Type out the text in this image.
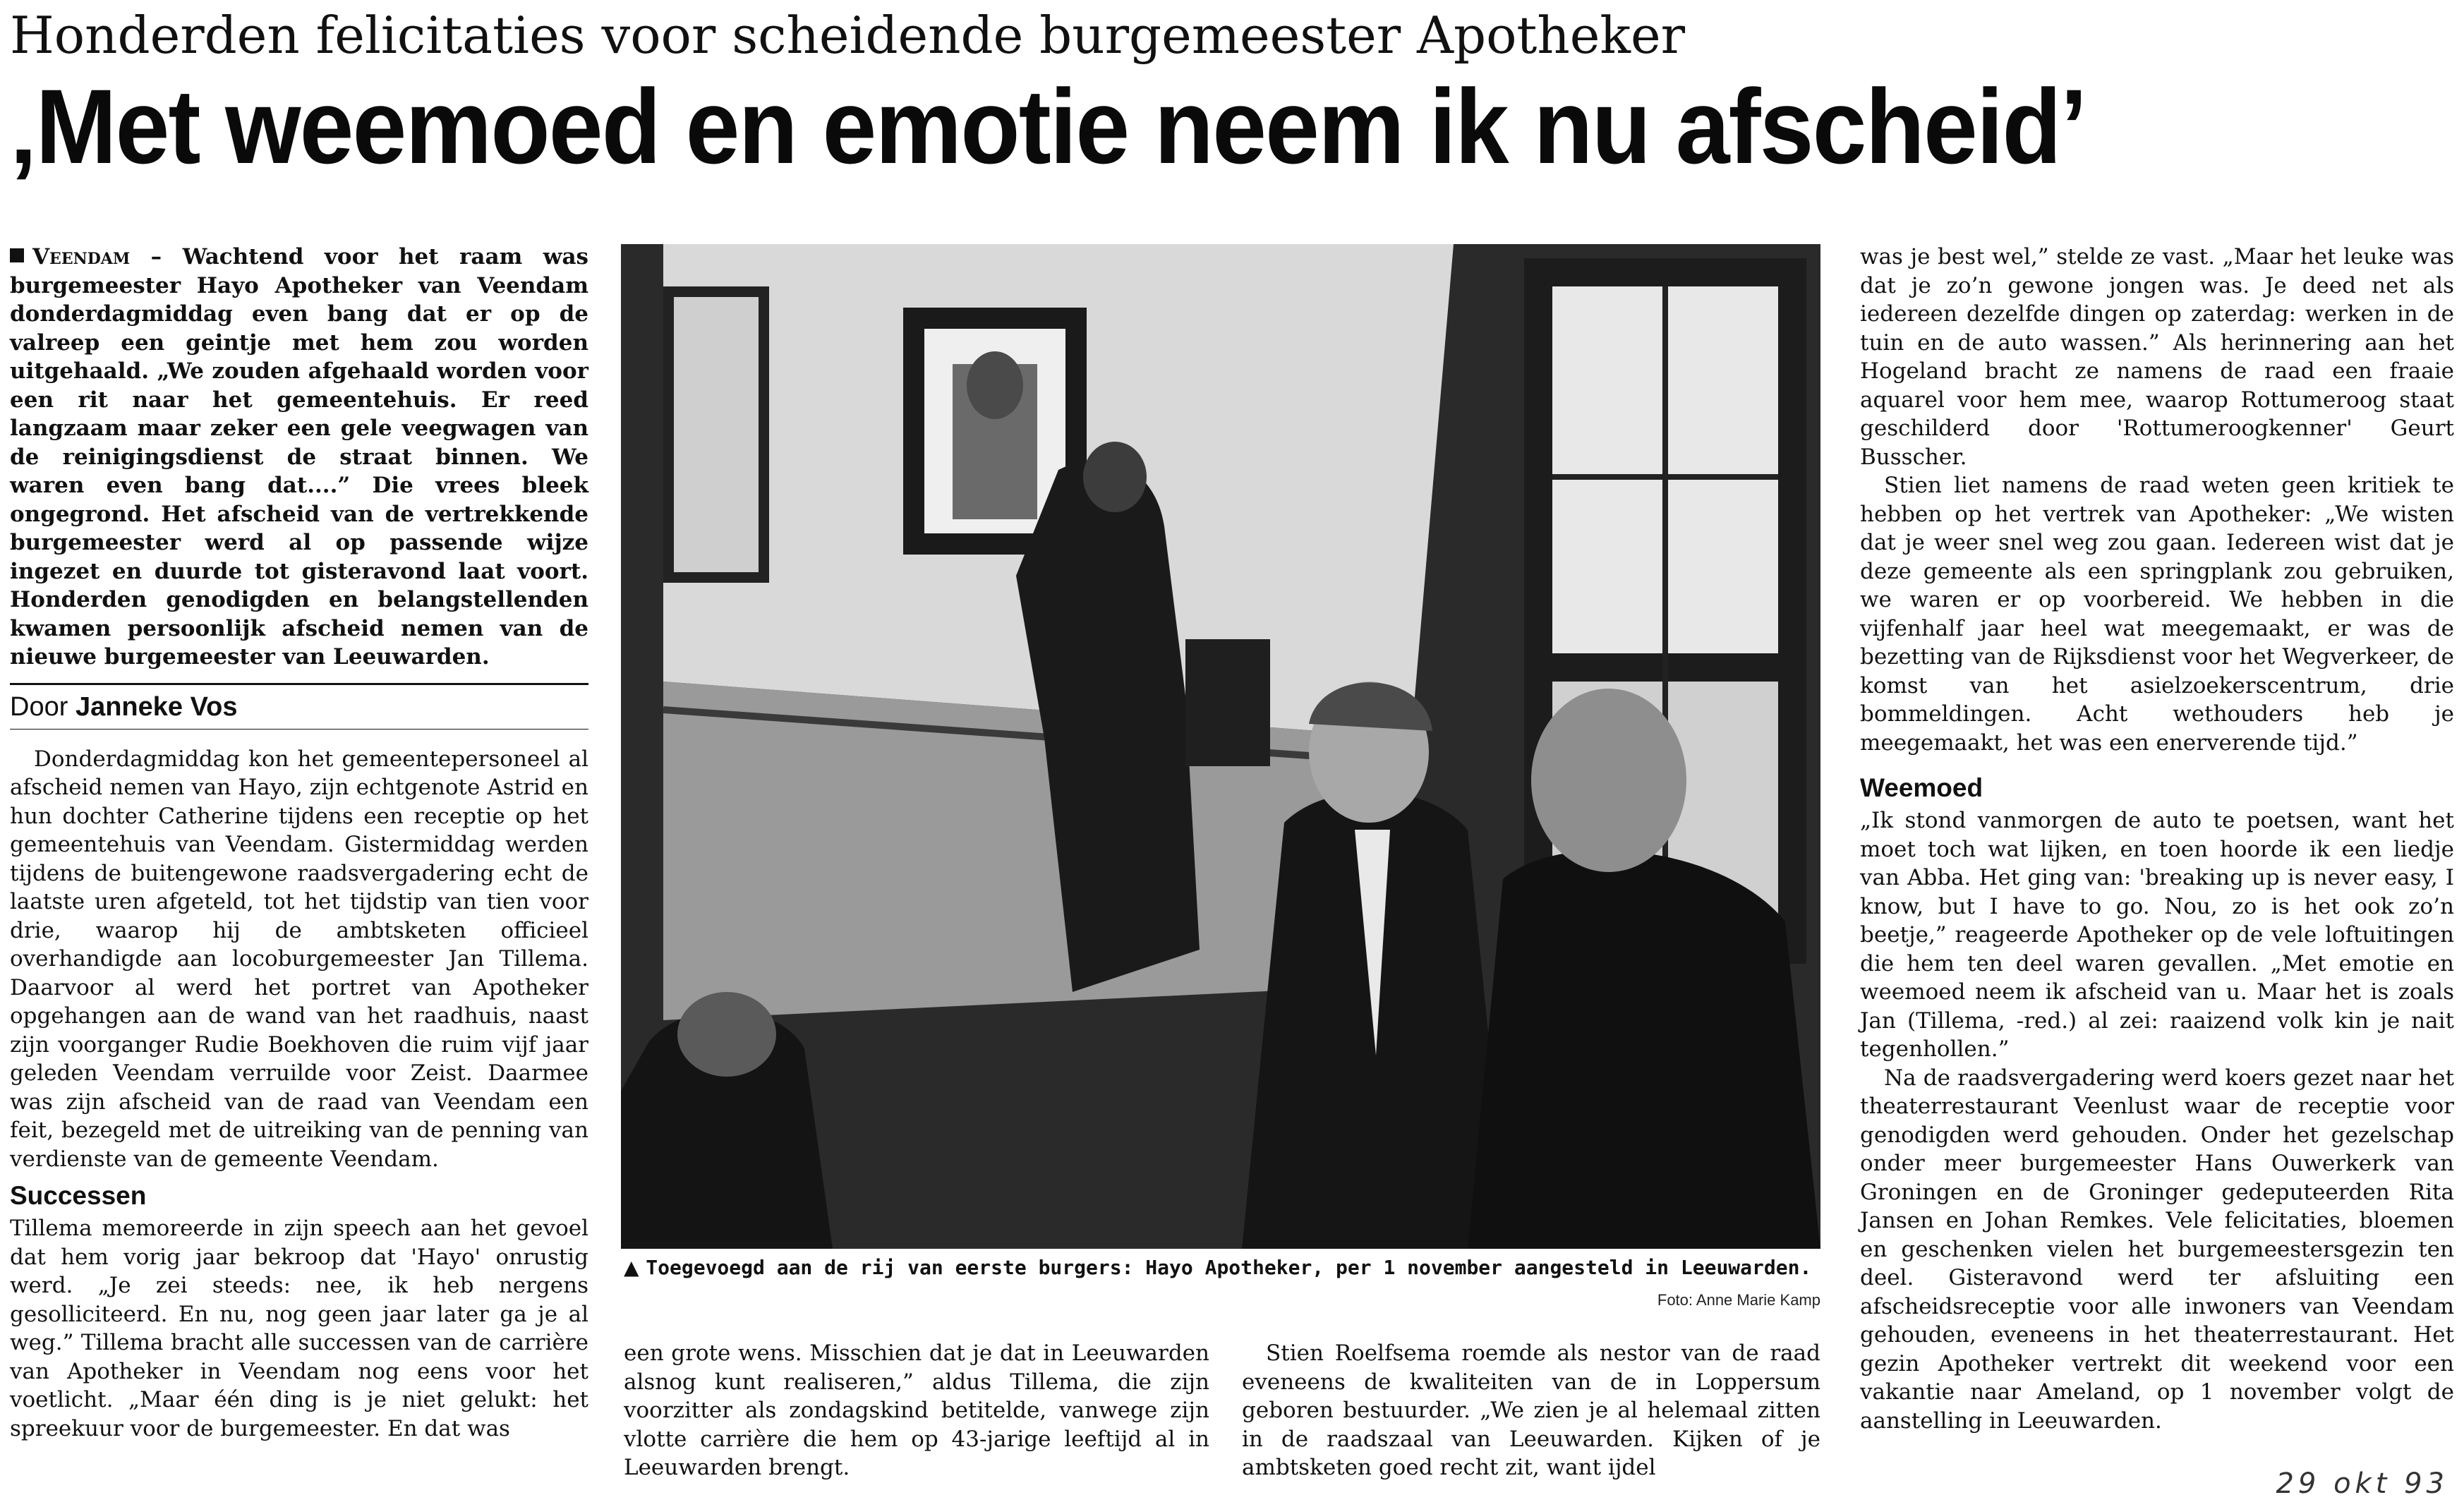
Honderden felicitaties voor scheidende burgemeester Apotheker
‚Met weemoed en emotie neem ik nu afscheid’

Veendam – Wachtend voor het raam was burgemeester Hayo Apotheker van Veendam donderdagmiddag even bang dat er op de valreep een geintje met hem zou worden uitgehaald. „We zouden afgehaald worden voor een rit naar het gemeentehuis. Er reed langzaam maar zeker een gele veegwagen van de reinigingsdienst de straat binnen. We waren even bang dat....” Die vrees bleek ongegrond. Het afscheid van de vertrekkende burgemeester werd al op passende wijze ingezet en duurde tot gisteravond laat voort. Honderden genodigden en belangstellenden kwamen persoonlijk afscheid nemen van de nieuwe burgemeester van Leeuwarden.

Door Janneke Vos

Donderdagmiddag kon het gemeentepersoneel al afscheid nemen van Hayo, zijn echtgenote Astrid en hun dochter Catherine tijdens een receptie op het gemeentehuis van Veendam. Gistermiddag werden tijdens de buitengewone raadsvergadering echt de laatste uren afgeteld, tot het tijdstip van tien voor drie, waarop hij de ambtsketen officieel overhandigde aan locoburgemeester Jan Tillema. Daarvoor al werd het portret van Apotheker opgehangen aan de wand van het raadhuis, naast zijn voorganger Rudie Boekhoven die ruim vijf jaar geleden Veendam verruilde voor Zeist. Daarmee was zijn afscheid van de raad van Veendam een feit, bezegeld met de uitreiking van de penning van verdienste van de gemeente Veendam.

Successen

Tillema memoreerde in zijn speech aan het gevoel dat hem vorig jaar bekroop dat 'Hayo' onrustig werd. „Je zei steeds: nee, ik heb nergens gesolliciteerd. En nu, nog geen jaar later ga je al weg.” Tillema bracht alle successen van de carrière van Apotheker in Veendam nog eens voor het voetlicht. „Maar één ding is je niet gelukt: het spreekuur voor de burgemeester. En dat was

▲ Toegevoegd aan de rij van eerste burgers: Hayo Apotheker, per 1 november aangesteld in Leeuwarden.
Foto: Anne Marie Kamp

een grote wens. Misschien dat je dat in Leeuwarden alsnog kunt realiseren,” aldus Tillema, die zijn voorzitter als zondagskind betitelde, vanwege zijn vlotte carrière die hem op 43-jarige leeftijd al in Leeuwarden brengt.

Stien Roelfsema roemde als nestor van de raad eveneens de kwaliteiten van de in Loppersum geboren bestuurder. „We zien je al helemaal zitten in de raadszaal van Leeuwarden. Kijken of je ambtsketen goed recht zit, want ijdel

was je best wel,” stelde ze vast. „Maar het leuke was dat je zo’n gewone jongen was. Je deed net als iedereen dezelfde dingen op zaterdag: werken in de tuin en de auto wassen.” Als herinnering aan het Hogeland bracht ze namens de raad een fraaie aquarel voor hem mee, waarop Rottumeroog staat geschilderd door 'Rottumeroogkenner' Geurt Busscher.

Stien liet namens de raad weten geen kritiek te hebben op het vertrek van Apotheker: „We wisten dat je weer snel weg zou gaan. Iedereen wist dat je deze gemeente als een springplank zou gebruiken, we waren er op voorbereid. We hebben in die vijfenhalf jaar heel wat meegemaakt, er was de bezetting van de Rijksdienst voor het Wegverkeer, de komst van het asielzoekerscentrum, drie bommeldingen. Acht wethouders heb je meegemaakt, het was een enerverende tijd.”

Weemoed

„Ik stond vanmorgen de auto te poetsen, want het moet toch wat lijken, en toen hoorde ik een liedje van Abba. Het ging van: 'breaking up is never easy, I know, but I have to go. Nou, zo is het ook zo’n beetje,” reageerde Apotheker op de vele loftuitingen die hem ten deel waren gevallen. „Met emotie en weemoed neem ik afscheid van u. Maar het is zoals Jan (Tillema, -red.) al zei: raaizend volk kin je nait tegenhollen.”

Na de raadsvergadering werd koers gezet naar het theaterrestaurant Veenlust waar de receptie voor genodigden werd gehouden. Onder het gezelschap onder meer burgemeester Hans Ouwerkerk van Groningen en de Groninger gedeputeerden Rita Jansen en Johan Remkes. Vele felicitaties, bloemen en geschenken vielen het burgemeestersgezin ten deel. Gisteravond werd ter afsluiting een afscheidsreceptie voor alle inwoners van Veendam gehouden, eveneens in het theaterrestaurant. Het gezin Apotheker vertrekt dit weekend voor een vakantie naar Ameland, op 1 november volgt de aanstelling in Leeuwarden.

29 okt 93
